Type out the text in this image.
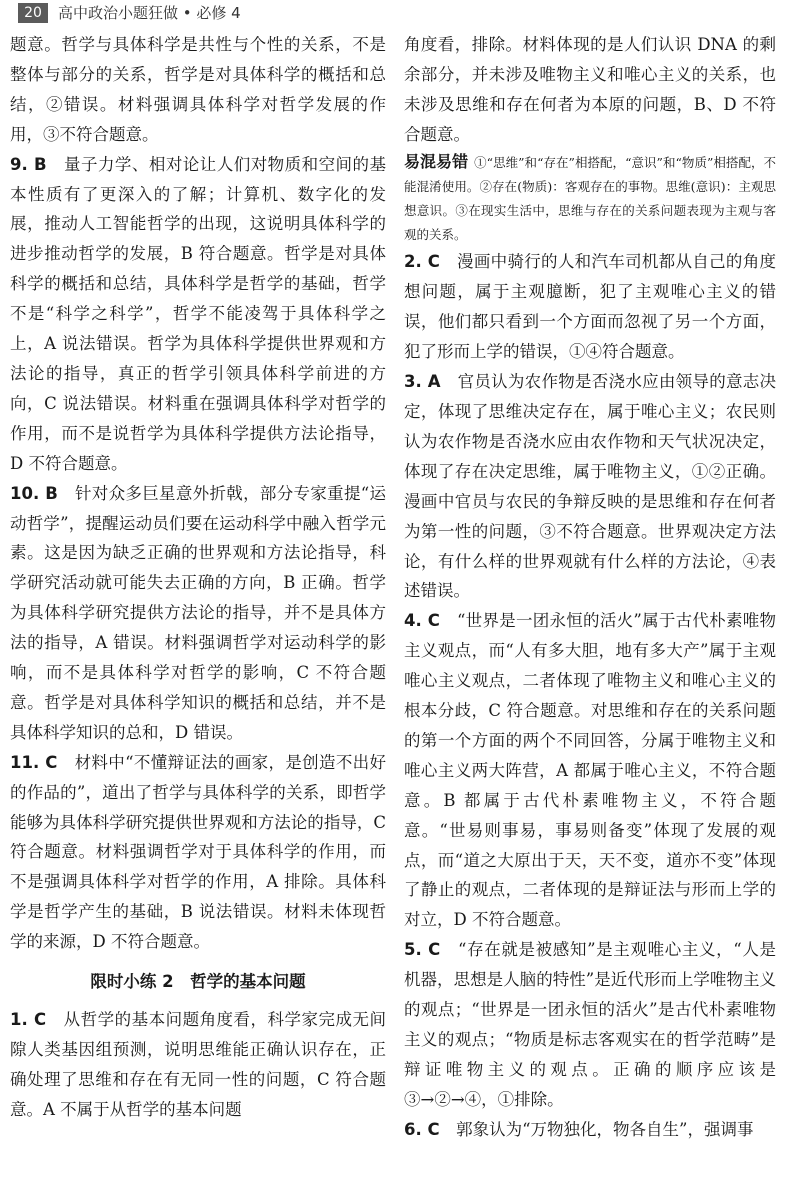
20	高中政治小题狂做 • 必修 4

题意。哲学与具体科学是共性与个性的关系，不是整体与部分的关系，哲学是对具体科学的概括和总结，②错误。材料强调具体科学对哲学发展的作用，③不符合题意。

9. B　 量子力学、相对论让人们对物质和空间的基本性质有了更深入的了解；计算机、数字化的发展，推动人工智能哲学的出现，这说明具体科学的进步推动哲学的发展，B 符合题意。哲学是对具体科学的概括和总结，具体科学是哲学的基础，哲学不是“科学之科学”，哲学不能凌驾于具体科学之上，A 说法错误。哲学为具体科学提供世界观和方法论的指导，真正的哲学引领具体科学前进的方向，C 说法错误。材料重在强调具体科学对哲学的作用，而不是说哲学为具体科学提供方法论指导，D 不符合题意。

10. B　 针对众多巨星意外折戟，部分专家重提“运动哲学”，提醒运动员们要在运动科学中融入哲学元素。这是因为缺乏正确的世界观和方法论指导，科学研究活动就可能失去正确的方向，B 正确。哲学为具体科学研究提供方法论的指导，并不是具体方法的指导，A 错误。材料强调哲学对运动科学的影响，而不是具体科学对哲学的影响，C 不符合题意。哲学是对具体科学知识的概括和总结，并不是具体科学知识的总和，D 错误。

11. C　 材料中“不懂辩证法的画家，是创造不出好的作品的”，道出了哲学与具体科学的关系，即哲学能够为具体科学研究提供世界观和方法论的指导，C 符合题意。材料强调哲学对于具体科学的作用，而不是强调具体科学对哲学的作用，A 排除。具体科学是哲学产生的基础，B 说法错误。材料未体现哲学的来源，D 不符合题意。

限时小练 2　哲学的基本问题

1. C　 从哲学的基本问题角度看，科学家完成无间隙人类基因组预测，说明思维能正确认识存在，正确处理了思维和存在有无同一性的问题，C 符合题意。A 不属于从哲学的基本问题

角度看，排除。材料体现的是人们认识 DNA 的剩余部分，并未涉及唯物主义和唯心主义的关系，也未涉及思维和存在何者为本原的问题，B、D 不符合题意。

易混易错 ①“思维”和“存在”相搭配，“意识”和“物质”相搭配，不能混淆使用。②存在(物质)：客观存在的事物。思维(意识)：主观思想意识。③在现实生活中，思维与存在的关系问题表现为主观与客观的关系。

2. C　 漫画中骑行的人和汽车司机都从自己的角度想问题，属于主观臆断，犯了主观唯心主义的错误，他们都只看到一个方面而忽视了另一个方面，犯了形而上学的错误，①④符合题意。

3. A　 官员认为农作物是否浇水应由领导的意志决定，体现了思维决定存在，属于唯心主义；农民则认为农作物是否浇水应由农作物和天气状况决定，体现了存在决定思维，属于唯物主义，①②正确。漫画中官员与农民的争辩反映的是思维和存在何者为第一性的问题，③不符合题意。世界观决定方法论，有什么样的世界观就有什么样的方法论，④表述错误。

4. C　 “世界是一团永恒的活火”属于古代朴素唯物主义观点，而“人有多大胆，地有多大产”属于主观唯心主义观点，二者体现了唯物主义和唯心主义的根本分歧，C 符合题意。对思维和存在的关系问题的第一个方面的两个不同回答，分属于唯物主义和唯心主义两大阵营，A 都属于唯心主义，不符合题意。B 都属于古代朴素唯物主义，不符合题意。“世易则事易，事易则备变”体现了发展的观点，而“道之大原出于天，天不变，道亦不变”体现了静止的观点，二者体现的是辩证法与形而上学的对立，D 不符合题意。

5. C　 “存在就是被感知”是主观唯心主义，“人是机器，思想是人脑的特性”是近代形而上学唯物主义的观点；“世界是一团永恒的活火”是古代朴素唯物主义的观点；“物质是标志客观实在的哲学范畴”是辩证唯物主义的观点。正确的顺序应该是③→②→④，①排除。

6. C　 郭象认为“万物独化，物各自生”，强调事
